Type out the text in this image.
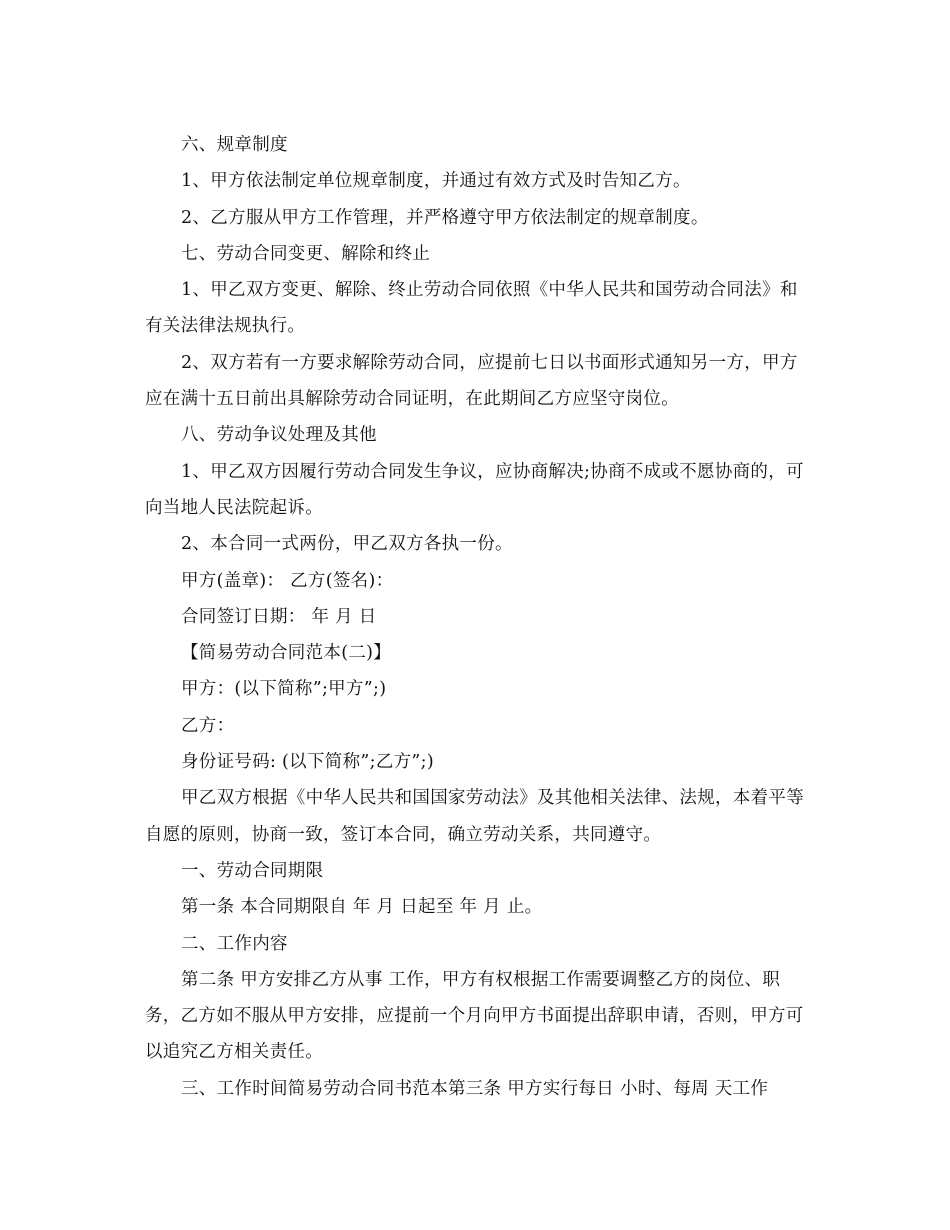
六、规章制度

1、甲方依法制定单位规章制度，并通过有效方式及时告知乙方。

2、乙方服从甲方工作管理，并严格遵守甲方依法制定的规章制度。

七、劳动合同变更、解除和终止

1、甲乙双方变更、解除、终止劳动合同依照《中华人民共和国劳动合同法》和有关法律法规执行。

2、双方若有一方要求解除劳动合同，应提前七日以书面形式通知另一方，甲方应在满十五日前出具解除劳动合同证明，在此期间乙方应坚守岗位。

八、劳动争议处理及其他

1、甲乙双方因履行劳动合同发生争议，应协商解决;协商不成或不愿协商的，可向当地人民法院起诉。

2、本合同一式两份，甲乙双方各执一份。

甲方(盖章)： 乙方(签名)：

合同签订日期： 年 月 日

【简易劳动合同范本(二)】

甲方：(以下简称”;甲方”;)

乙方：

身份证号码: (以下简称”;乙方”;)

甲乙双方根据《中华人民共和国国家劳动法》及其他相关法律、法规，本着平等自愿的原则，协商一致，签订本合同，确立劳动关系，共同遵守。

一、劳动合同期限

第一条 本合同期限自 年 月 日起至 年 月 止。

二、工作内容

第二条 甲方安排乙方从事 工作，甲方有权根据工作需要调整乙方的岗位、职务，乙方如不服从甲方安排，应提前一个月向甲方书面提出辞职申请，否则，甲方可以追究乙方相关责任。

三、工作时间简易劳动合同书范本第三条 甲方实行每日 小时、每周 天工作
